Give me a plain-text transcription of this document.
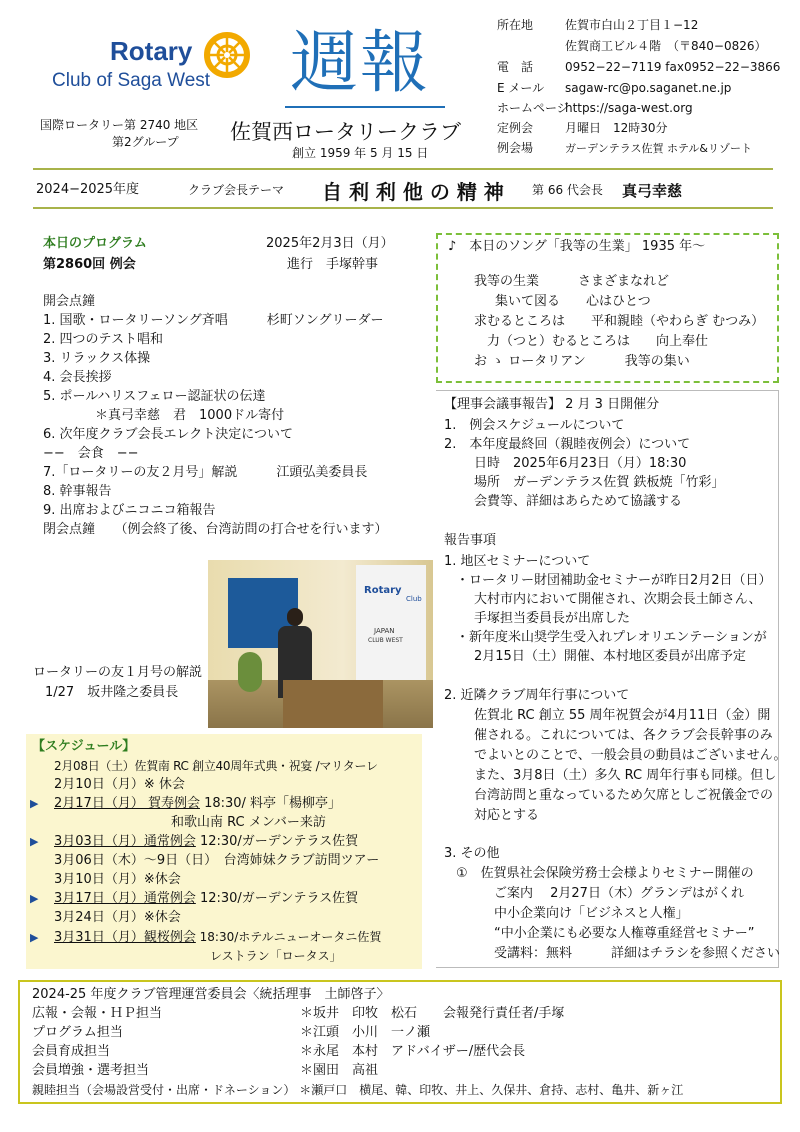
Rotary
Club of Saga West 週報
国際ロータリー第 2740 地区
第2グループ 佐賀西ロータリークラブ
創立 1959 年 5 月 15 日
所在地	佐賀市白山２丁目１−12
佐賀商工ビル４階　（〒840−0826）
電　話	0952−22−7119 fax0952−22−3866
E メール sagaw-rc@po.saganet.ne.jp
ホームページhttps://saga-west.org
定例会	月曜日　12時30分
例会場	ガーデンテラス佐賀 ホテル&リゾート
2024−2025年度	クラブ会長テーマ 自 利 利 他 の 精 神 第 66 代会長 真弓幸慈
本日のプログラム	2025年2月3日（月）
第2860回 例会	進行　手塚幹事
開会点鐘
1. 国歌・ロータリーソング斉唱　　　杉町ソングリーダー
2. 四つのテスト唱和
3. リラックス体操
4. 会長挨拶
5. ポールハリスフェロー認証状の伝達
　　　　＊真弓幸慈　君　1000ドル寄付
6. 次年度クラブ会長エレクト決定について
−−　会食　−−
7.「ロータリーの友２月号」解説　　　江頭弘美委員長
8. 幹事報告
9. 出席およびニコニコ箱報告
閉会点鐘　　（例会終了後、台湾訪問の打合せを行います）
Rotary
Club
JAPAN
CLUB WEST
ロータリーの友１月号の解説
1/27　坂井隆之委員長
♪　本日のソング「我等の生業」 1935 年〜
我等の生業　　　さまざまなれど
　集いて図る　　心はひとつ
求むるところは　　平和親睦（やわらぎ むつみ）
　力（つと）むるところは　　向上奉仕
お ゝ ロータリアン　　　我等の集い
【理事会議事報告】 2 月 3 日開催分
1.　例会スケジュールについて
2.　本年度最終回（親睦夜例会）について
日時　2025年6月23日（月）18:30
場所　ガーデンテラス佐賀 鉄板焼「竹彩」
会費等、詳細はあらためて協議する
報告事項
1. 地区セミナーについて
・ロータリー財団補助金セミナーが昨日2月2日（日）
大村市内において開催され、次期会長土師さん、
手塚担当委員長が出席した
・新年度米山奨学生受入れプレオリエンテーションが
2月15日（土）開催、本村地区委員が出席予定
2. 近隣クラブ周年行事について
佐賀北 RC 創立 55 周年祝賀会が4月11日（金）開
催される。これについては、各クラブ会長幹事のみ
でよいとのことで、一般会員の動員はございません。
また、3月8日（土）多久 RC 周年行事も同様。但し
台湾訪問と重なっているため欠席としご祝儀金での
対応とする
3. その他
①　佐賀県社会保険労務士会様よりセミナー開催の
ご案内　 2月27日（木）グランデはがくれ
中小企業向け「ビジネスと人権」
“中小企業にも必要な人権尊重経営セミナー”
受講料：無料　　　詳細はチラシを参照ください
【スケジュール】
2月08日（土）佐賀南 RC 創立40周年式典・祝宴 /マリターレ
2月10日（月）※ 休会
▶ 2月17日（月） 賀寿例会 18:30/ 料亭「楊柳亭」
　　　　　　　　　和歌山南 RC メンバー来訪
▶ 3月03日（月）通常例会 12:30/ガーデンテラス佐賀
3月06日（木）〜9日（日）　台湾姉妹クラブ訪問ツアー
3月10日（月）※休会
▶ 3月17日（月）通常例会 12:30/ガーデンテラス佐賀
3月24日（月）※休会
▶ 3月31日（月）観桜例会 18:30/ホテルニューオータニ佐賀
　　　　　　　　　　　　　レストラン「ロータス」
2024-25 年度クラブ管理運営委員会〈統括理事　土師啓子〉
広報・会報・ＨＰ担当	＊坂井　印牧　松石　　会報発行責任者/手塚
プログラム担当	＊江頭　小川　一ノ瀬
会員育成担当	＊永尾　本村　アドバイザー/歴代会長
会員増強・選考担当	＊園田　高祖
親睦担当（会場設営受付・出席・ドネーション） ＊瀬戸口　横尾、韓、印牧、井上、久保井、倉持、志村、亀井、新ヶ江
